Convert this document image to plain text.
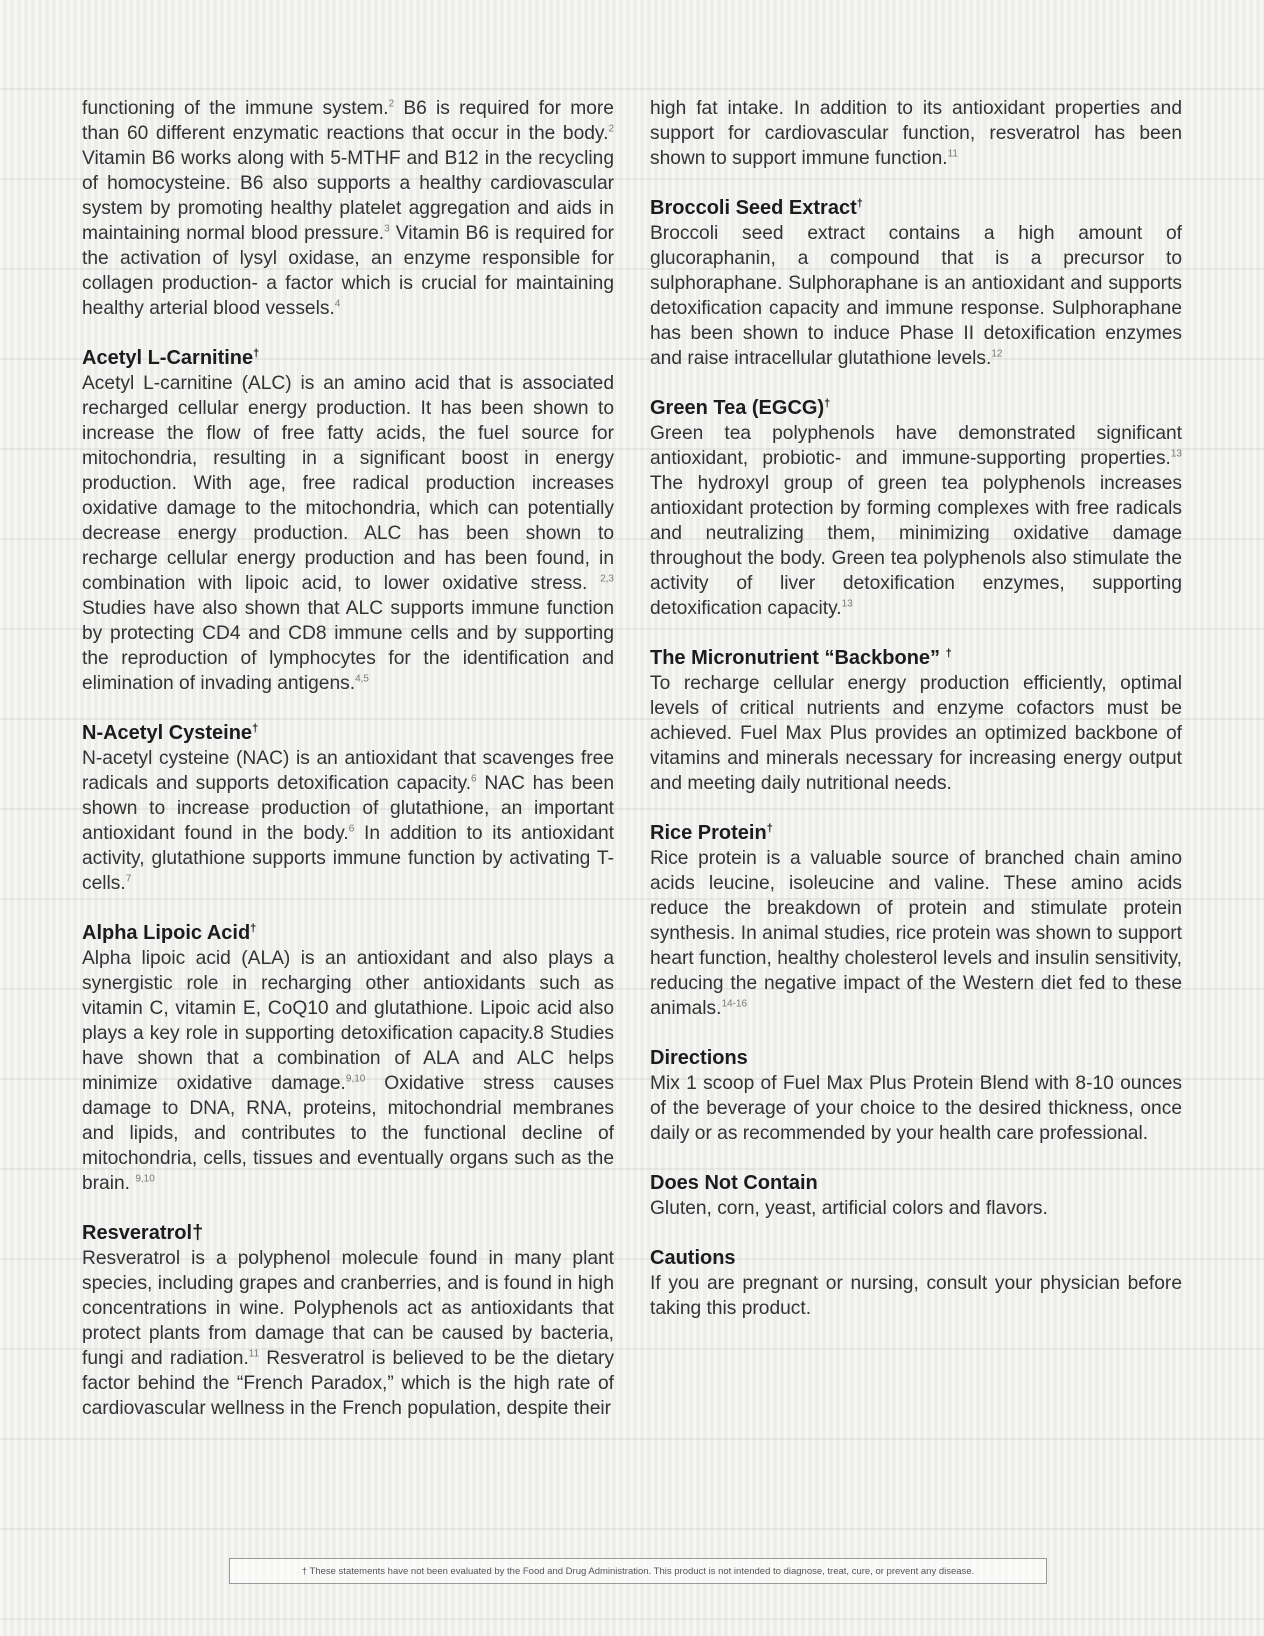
functioning of the immune system.$^2$ B6 is required for more than 60 different enzymatic reactions that occur in the body.$^2$ Vitamin B6 works along with 5-MTHF and B12 in the recycling of homocysteine. B6 also supports a healthy cardiovascular system by promoting healthy platelet aggregation and aids in maintaining normal blood pressure.$^3$ Vitamin B6 is required for the activation of lysyl oxidase, an enzyme responsible for collagen production- a factor which is crucial for maintaining healthy arterial blood vessels.$^4$

Acetyl L-Carnitine†

Acetyl L-carnitine (ALC) is an amino acid that is associated recharged cellular energy production. It has been shown to increase the flow of free fatty acids, the fuel source for mitochondria, resulting in a significant boost in energy production. With age, free radical production increases oxidative damage to the mitochondria, which can potentially decrease energy production. ALC has been shown to recharge cellular energy production and has been found, in combination with lipoic acid, to lower oxidative stress. $^{2,3}$ Studies have also shown that ALC supports immune function by protecting CD4 and CD8 immune cells and by supporting the reproduction of lymphocytes for the identification and elimination of invading antigens.$^{4,5}$

N-Acetyl Cysteine†

N-acetyl cysteine (NAC) is an antioxidant that scavenges free radicals and supports detoxification capacity.$^6$ NAC has been shown to increase production of glutathione, an important antioxidant found in the body.$^6$ In addition to its antioxidant activity, glutathione supports immune function by activating T-cells.$^7$

Alpha Lipoic Acid†

Alpha lipoic acid (ALA) is an antioxidant and also plays a synergistic role in recharging other antioxidants such as vitamin C, vitamin E, CoQ10 and glutathione. Lipoic acid also plays a key role in supporting detoxification capacity.8 Studies have shown that a combination of ALA and ALC helps minimize oxidative damage.$^{9,10}$ Oxidative stress causes damage to DNA, RNA, proteins, mitochondrial membranes and lipids, and contributes to the functional decline of mitochondria, cells, tissues and eventually organs such as the brain. $^{9,10}$

Resveratrol†

Resveratrol is a polyphenol molecule found in many plant species, including grapes and cranberries, and is found in high concentrations in wine. Polyphenols act as antioxidants that protect plants from damage that can be caused by bacteria, fungi and radiation.$^{11}$ Resveratrol is believed to be the dietary factor behind the “French Paradox,” which is the high rate of cardiovascular wellness in the French population, despite their

high fat intake. In addition to its antioxidant properties and support for cardiovascular function, resveratrol has been shown to support immune function.$^{11}$

Broccoli Seed Extract†

Broccoli seed extract contains a high amount of glucoraphanin, a compound that is a precursor to sulphoraphane. Sulphoraphane is an antioxidant and supports detoxification capacity and immune response. Sulphoraphane has been shown to induce Phase II detoxification enzymes and raise intracellular glutathione levels.$^{12}$

Green Tea (EGCG)†

Green tea polyphenols have demonstrated significant antioxidant, probiotic- and immune-supporting properties.$^{13}$ The hydroxyl group of green tea polyphenols increases antioxidant protection by forming complexes with free radicals and neutralizing them, minimizing oxidative damage throughout the body. Green tea polyphenols also stimulate the activity of liver detoxification enzymes, supporting detoxification capacity.$^{13}$

The Micronutrient “Backbone” †

To recharge cellular energy production efficiently, optimal levels of critical nutrients and enzyme cofactors must be achieved. Fuel Max Plus provides an optimized backbone of vitamins and minerals necessary for increasing energy output and meeting daily nutritional needs.

Rice Protein†

Rice protein is a valuable source of branched chain amino acids leucine, isoleucine and valine. These amino acids reduce the breakdown of protein and stimulate protein synthesis. In animal studies, rice protein was shown to support heart function, healthy cholesterol levels and insulin sensitivity, reducing the negative impact of the Western diet fed to these animals.$^{14-16}$

Directions

Mix 1 scoop of Fuel Max Plus Protein Blend with 8-10 ounces of the beverage of your choice to the desired thickness, once daily or as recommended by your health care professional.

Does Not Contain

Gluten, corn, yeast, artificial colors and flavors.

Cautions

If you are pregnant or nursing, consult your physician before taking this product.

† These statements have not been evaluated by the Food and Drug Administration. This product is not intended to diagnose, treat, cure, or prevent any disease.
